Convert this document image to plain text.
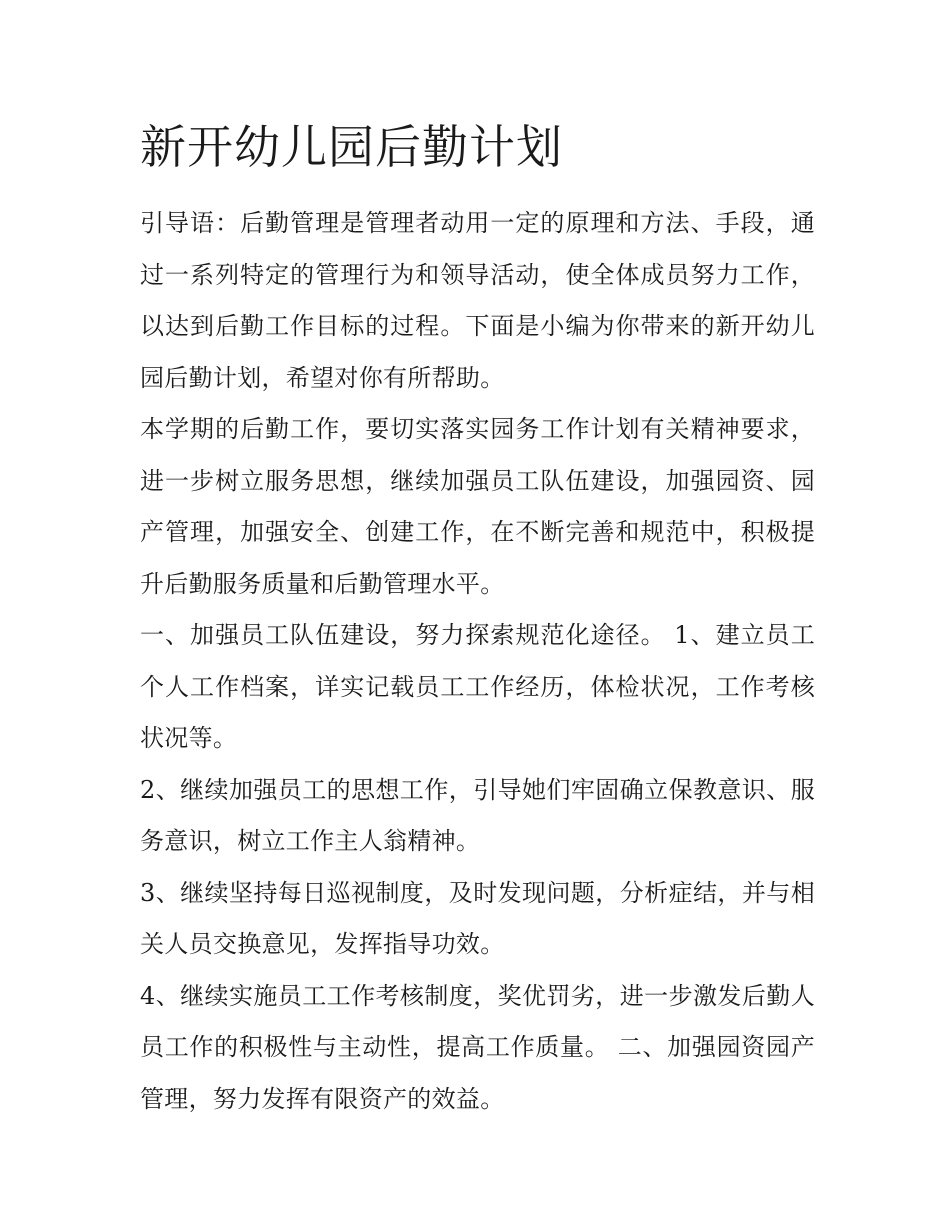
新开幼儿园后勤计划

引导语：后勤管理是管理者动用一定的原理和方法、手段，通过一系列特定的管理行为和领导活动，使全体成员努力工作，以达到后勤工作目标的过程。下面是小编为你带来的新开幼儿园后勤计划，希望对你有所帮助。

本学期的后勤工作，要切实落实园务工作计划有关精神要求，进一步树立服务思想，继续加强员工队伍建设，加强园资、园产管理，加强安全、创建工作，在不断完善和规范中，积极提升后勤服务质量和后勤管理水平。

一、加强员工队伍建设，努力探索规范化途径。 1、建立员工个人工作档案，详实记载员工工作经历，体检状况，工作考核状况等。

2、继续加强员工的思想工作，引导她们牢固确立保教意识、服务意识，树立工作主人翁精神。

3、继续坚持每日巡视制度，及时发现问题，分析症结，并与相关人员交换意见，发挥指导功效。

4、继续实施员工工作考核制度，奖优罚劣，进一步激发后勤人员工作的积极性与主动性，提高工作质量。 二、加强园资园产管理，努力发挥有限资产的效益。
